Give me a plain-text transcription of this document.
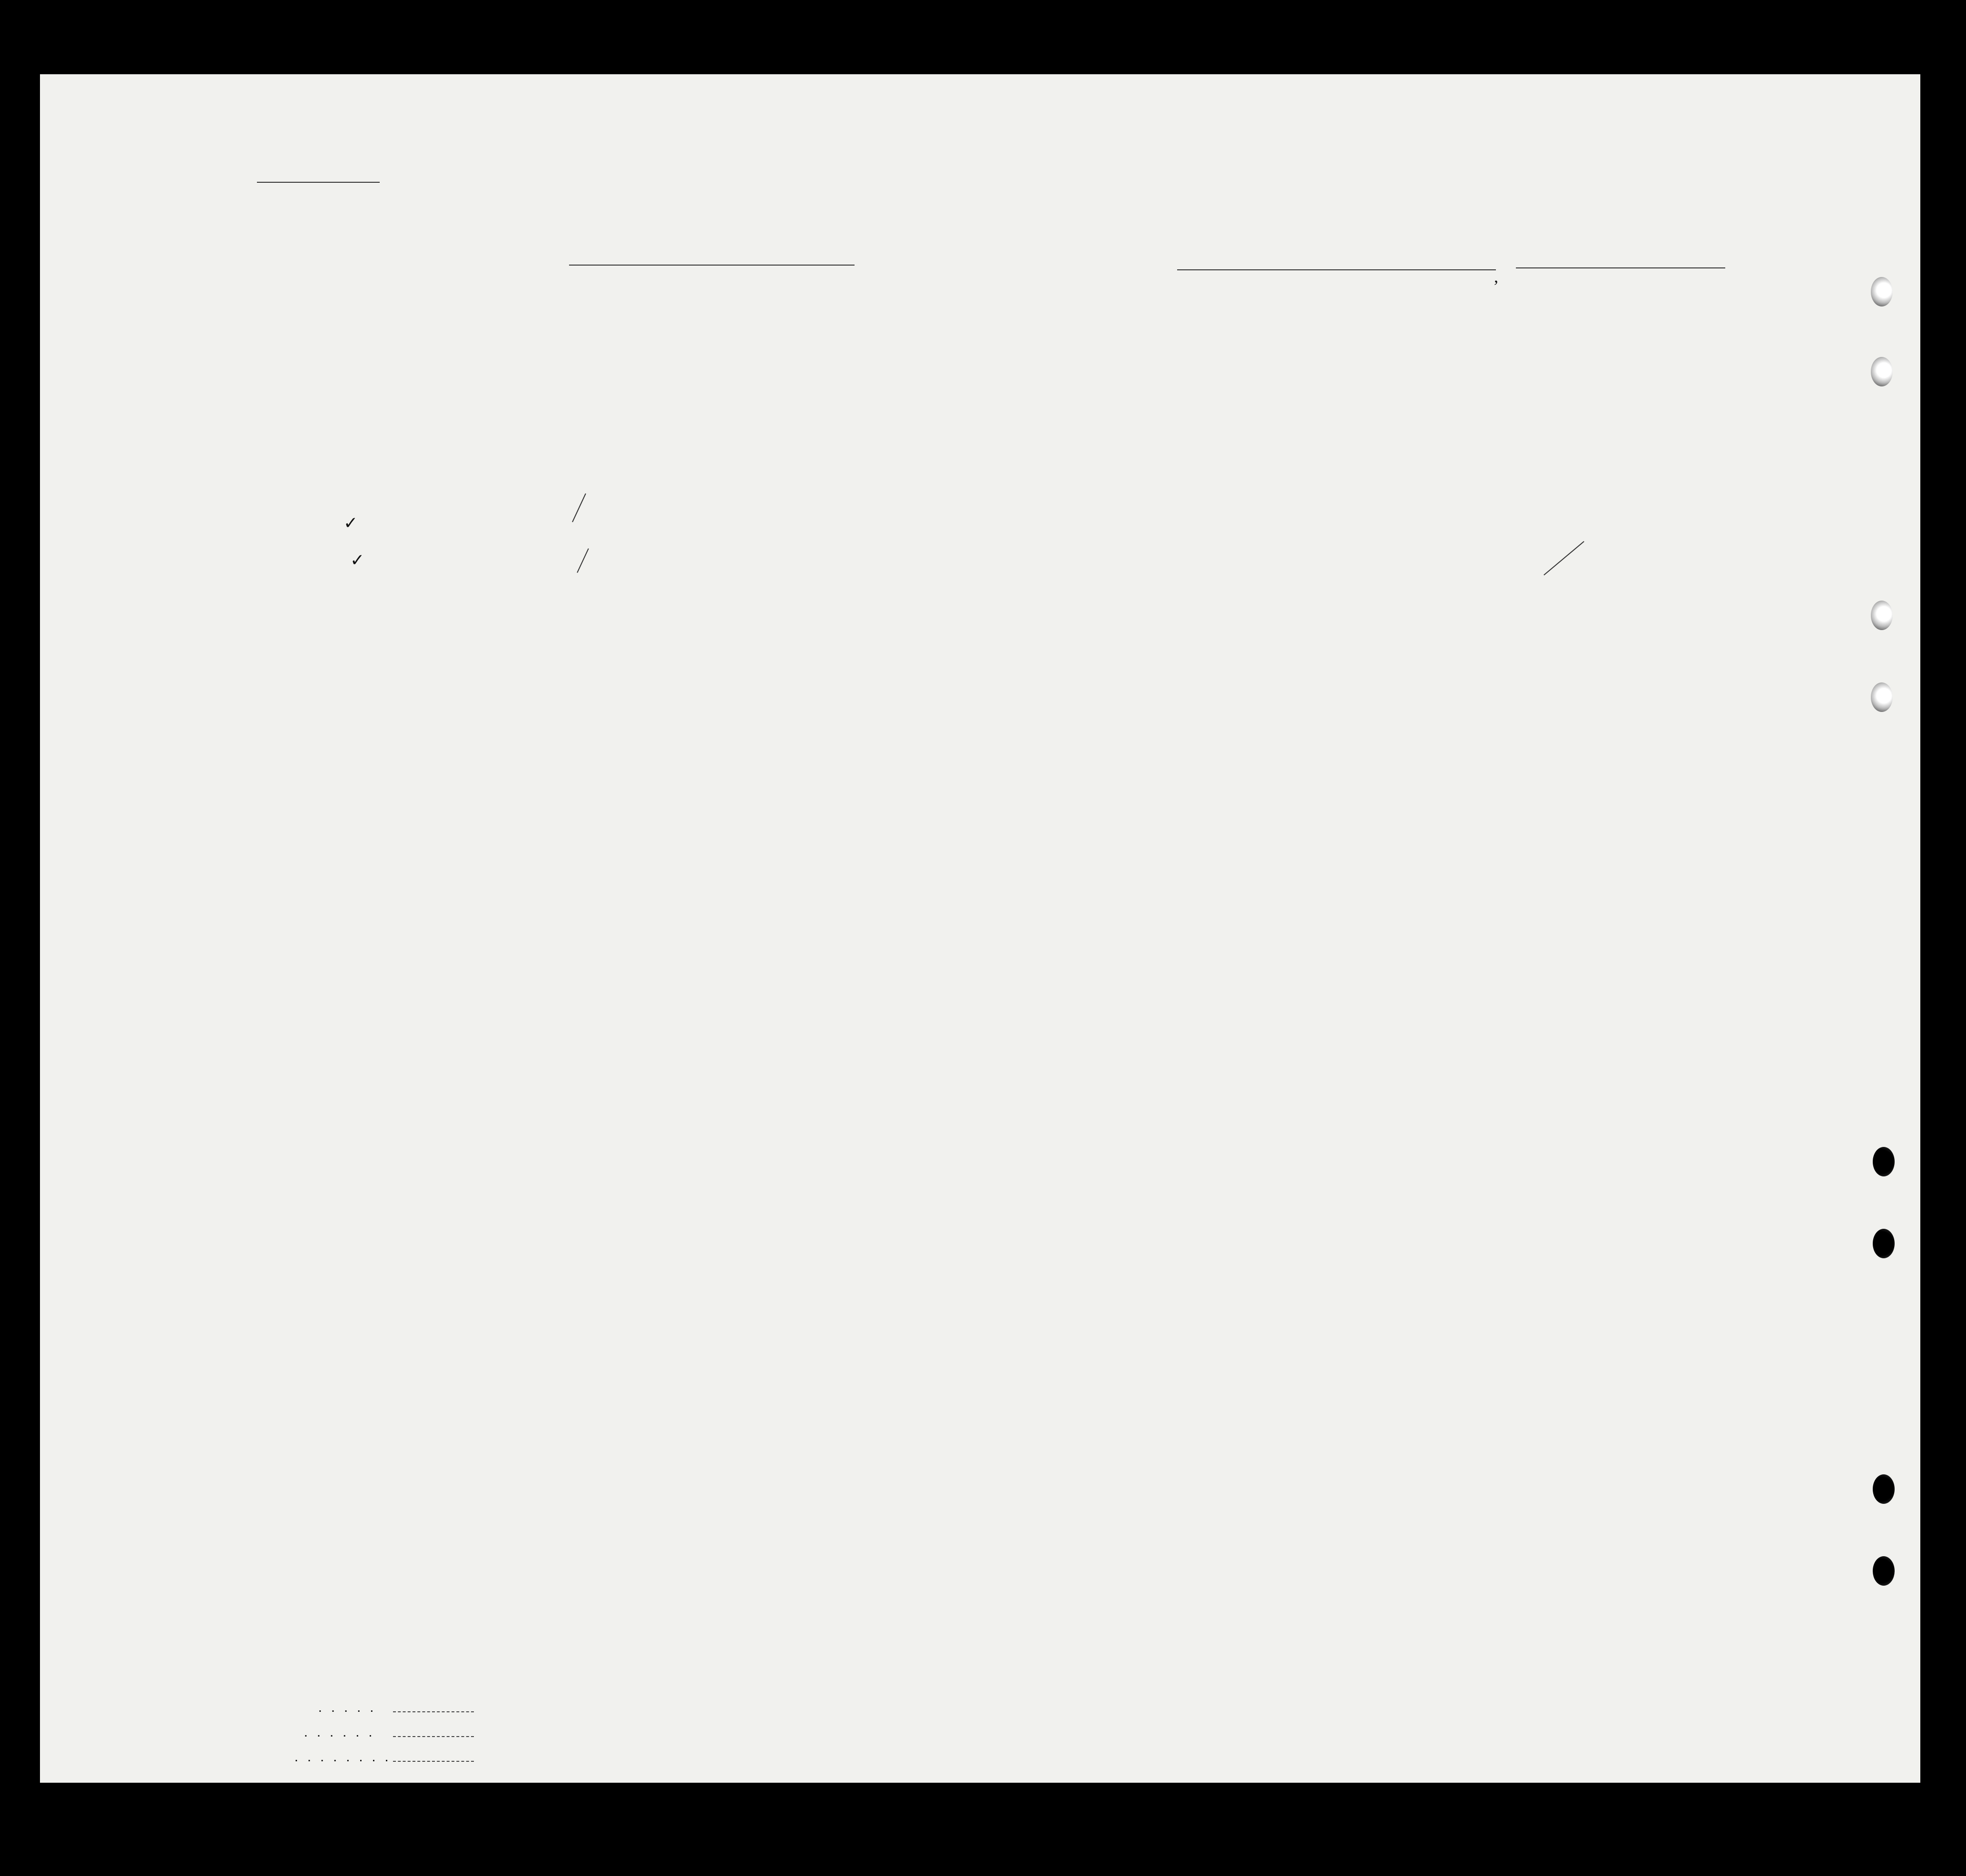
,
✓
✓
. . . . .
. . . . . .
. . . . . . . .
